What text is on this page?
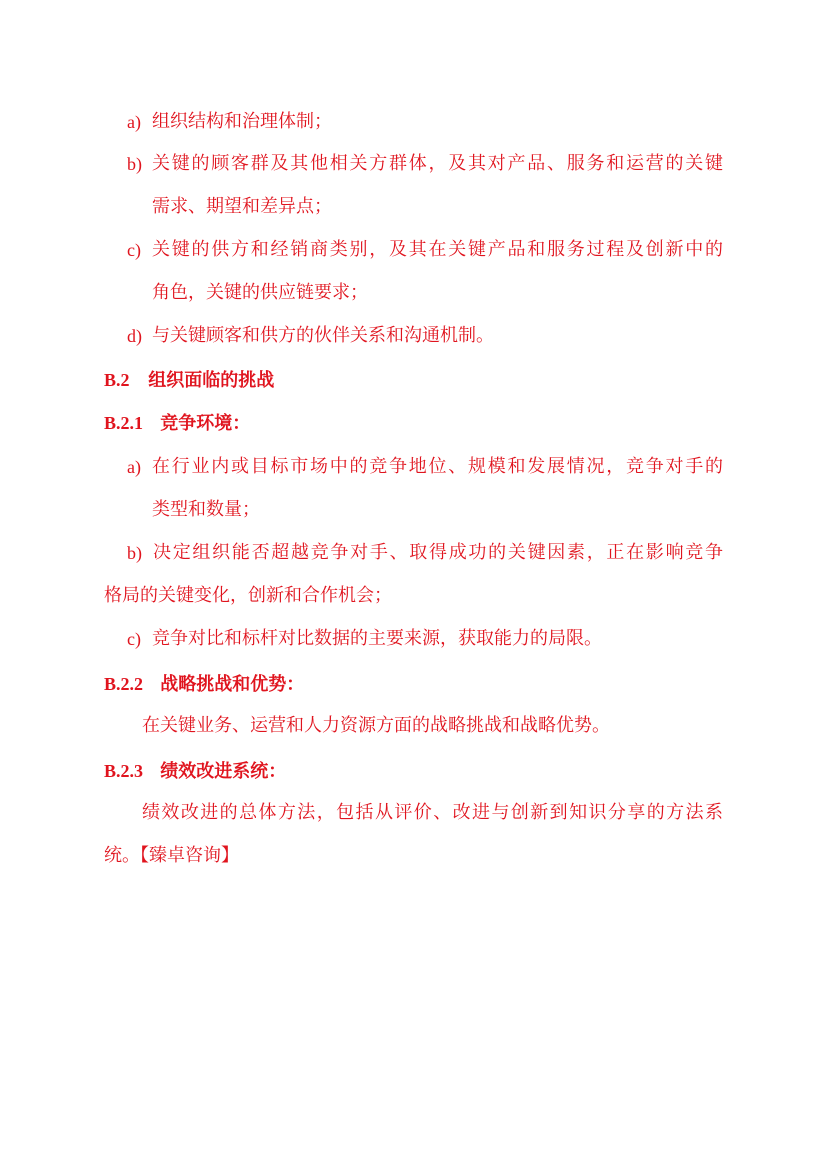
a) 组织结构和治理体制；
b) 关键的顾客群及其他相关方群体，及其对产品、服务和运营的关键
需求、期望和差异点；
c) 关键的供方和经销商类别，及其在关键产品和服务过程及创新中的
角色，关键的供应链要求；
d) 与关键顾客和供方的伙伴关系和沟通机制。
B.2 组织面临的挑战
B.2.1 竞争环境：
a) 在行业内或目标市场中的竞争地位、规模和发展情况，竞争对手的
类型和数量；
b) 决定组织能否超越竞争对手、取得成功的关键因素，正在影响竞争
格局的关键变化，创新和合作机会；
c) 竞争对比和标杆对比数据的主要来源，获取能力的局限。
B.2.2 战略挑战和优势：
在关键业务、运营和人力资源方面的战略挑战和战略优势。
B.2.3 绩效改进系统：
绩效改进的总体方法，包括从评价、改进与创新到知识分享的方法系
统。【臻卓咨询】
